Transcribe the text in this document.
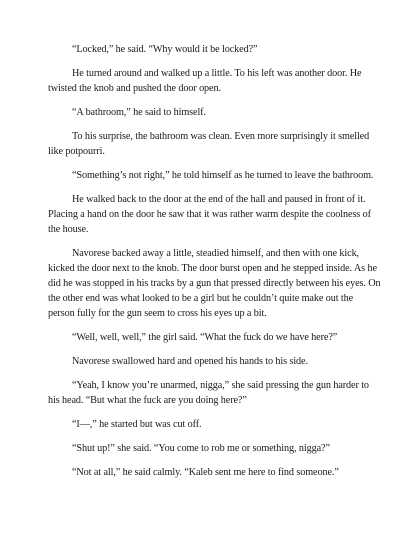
“Locked,” he said. “Why would it be locked?”

He turned around and walked up a little. To his left was another door. He twisted the knob and pushed the door open.

“A bathroom,” he said to himself.

To his surprise, the bathroom was clean. Even more surprisingly it smelled like potpourri.

“Something’s not right,” he told himself as he turned to leave the bathroom.

He walked back to the door at the end of the hall and paused in front of it. Placing a hand on the door he saw that it was rather warm despite the coolness of the house.

Navorese backed away a little, steadied himself, and then with one kick, kicked the door next to the knob. The door burst open and he stepped inside. As he did he was stopped in his tracks by a gun that pressed directly between his eyes. On the other end was what looked to be a girl but he couldn’t quite make out the person fully for the gun seem to cross his eyes up a bit.

“Well, well, well,” the girl said. “What the fuck do we have here?”

Navorese swallowed hard and opened his hands to his side.

“Yeah, I know you’re unarmed, nigga,” she said pressing the gun harder to his head. “But what the fuck are you doing here?”

“I—,” he started but was cut off.

“Shut up!” she said. “You come to rob me or something, nigga?”

“Not at all,” he said calmly. “Kaleb sent me here to find someone.”
